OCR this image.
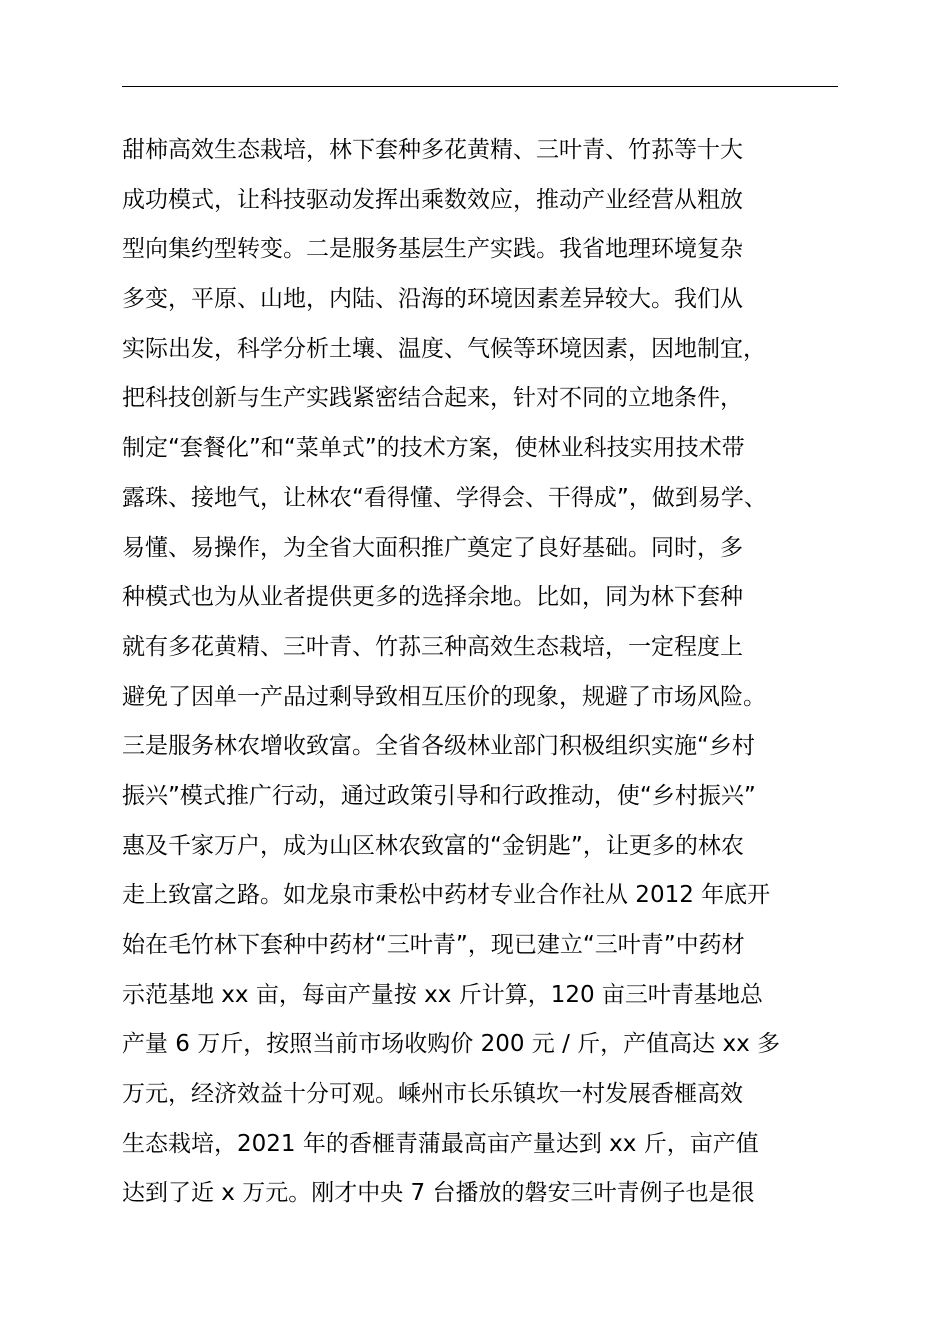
甜柿高效生态栽培，林下套种多花黄精、三叶青、竹荪等十大
成功模式，让科技驱动发挥出乘数效应，推动产业经营从粗放
型向集约型转变。二是服务基层生产实践。我省地理环境复杂
多变，平原、山地，内陆、沿海的环境因素差异较大。我们从
实际出发，科学分析土壤、温度、气候等环境因素，因地制宜，
把科技创新与生产实践紧密结合起来，针对不同的立地条件，
制定“套餐化”和“菜单式”的技术方案，使林业科技实用技术带
露珠、接地气，让林农“看得懂、学得会、干得成”，做到易学、
易懂、易操作，为全省大面积推广奠定了良好基础。同时，多
种模式也为从业者提供更多的选择余地。比如，同为林下套种
就有多花黄精、三叶青、竹荪三种高效生态栽培，一定程度上
避免了因单一产品过剩导致相互压价的现象，规避了市场风险。
三是服务林农增收致富。全省各级林业部门积极组织实施“乡村
振兴”模式推广行动，通过政策引导和行政推动，使“乡村振兴”
惠及千家万户，成为山区林农致富的“金钥匙”，让更多的林农
走上致富之路。如龙泉市秉松中药材专业合作社从 2012 年底开
始在毛竹林下套种中药材“三叶青”，现已建立“三叶青”中药材
示范基地 xx 亩，每亩产量按 xx 斤计算，120 亩三叶青基地总
产量 6 万斤，按照当前市场收购价 200 元 / 斤，产值高达 xx 多
万元，经济效益十分可观。嵊州市长乐镇坎一村发展香榧高效
生态栽培，2021 年的香榧青蒲最高亩产量达到 xx 斤，亩产值
达到了近 x 万元。刚才中央 7 台播放的磐安三叶青例子也是很
